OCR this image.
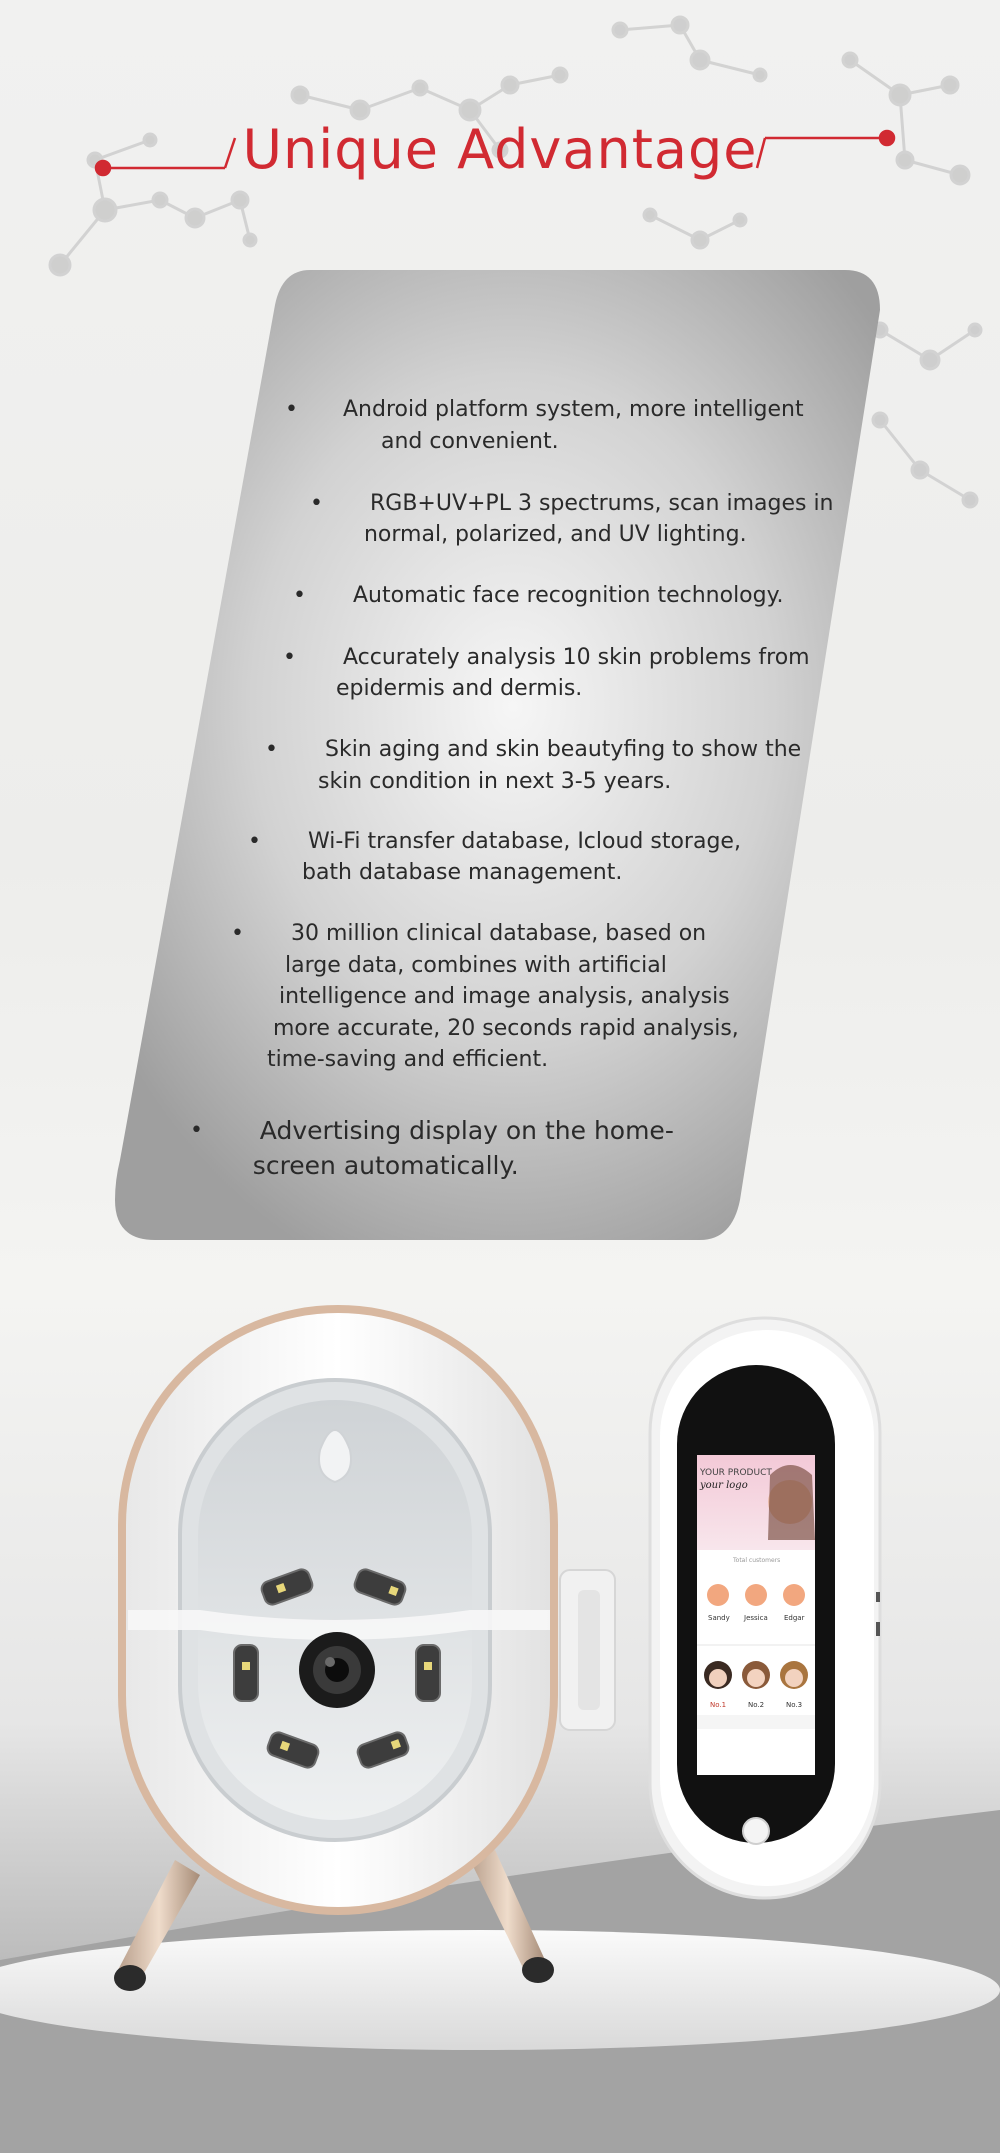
Unique Advantage

• Android platform system, more intelligent

and convenient.

• RGB+UV+PL 3 spectrums, scan images in

normal, polarized, and UV lighting.

• Automatic face recognition technology.

• Accurately analysis 10 skin problems from

epidermis and dermis.

• Skin aging and skin beautyfing to show the

skin condition in next 3-5 years.

• Wi-Fi transfer database, Icloud storage,

bath database management.

• 30 million clinical database, based on

large data, combines with artificial

intelligence and image analysis, analysis

more accurate, 20 seconds rapid analysis,

time-saving and efficient.

• Advertising display on the home-

screen automatically.

YOUR PRODUCT
your logo
Total customers
Sandy Jessica Edgar
No.1	No.2	No.3
